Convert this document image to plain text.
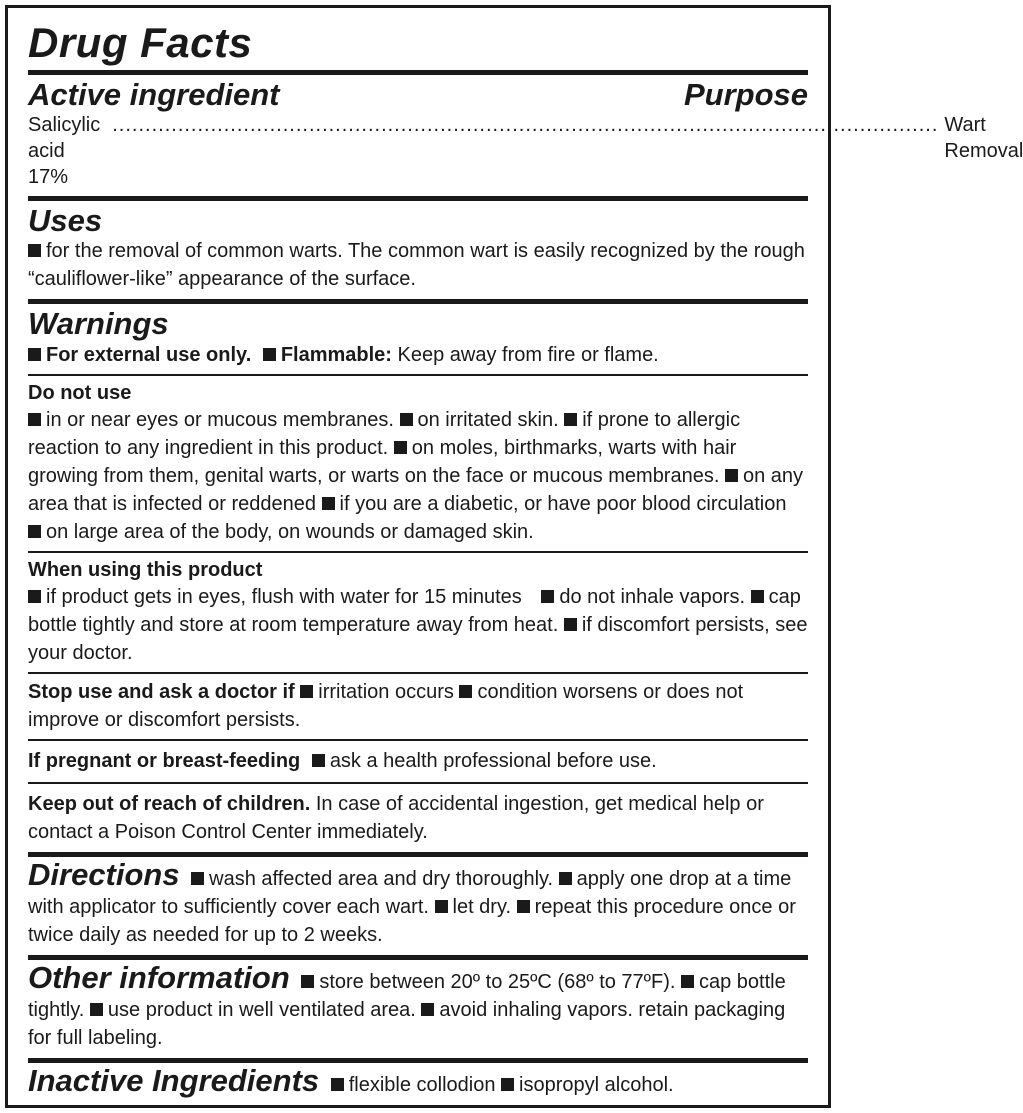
Drug Facts
Active ingredient	Purpose
Salicylic acid 17%
.............................................................................................................................. Wart Removal
Uses
for the removal of common warts. The common wart is easily recognized by the rough “cauliflower-like” appearance of the surface.
Warnings
For external use only. Flammable: Keep away from fire or flame.
Do not use
in or near eyes or mucous membranes. on irritated skin. if prone to allergic reaction to any ingredient in this product. on moles, birthmarks, warts with hair growing from them, genital warts, or warts on the face or mucous membranes. on any area that is infected or reddened if you are a diabetic, or have poor blood circulation on large area of the body, on wounds or damaged skin.
When using this product
if product gets in eyes, flush with water for 15 minutes do not inhale vapors. cap bottle tightly and store at room temperature away from heat. if discomfort persists, see your doctor.
Stop use and ask a doctor if irritation occurs condition worsens or does not improve or discomfort persists.
If pregnant or breast-feeding ask a health professional before use.
Keep out of reach of children. In case of accidental ingestion, get medical help or contact a Poison Control Center immediately.
Directions wash affected area and dry thoroughly. apply one drop at a time with applicator to sufficiently cover each wart. let dry. repeat this procedure once or twice daily as needed for up to 2 weeks.
Other information store between 20º to 25ºC (68º to 77ºF). cap bottle tightly. use product in well ventilated area. avoid inhaling vapors. retain packaging for full labeling.
Inactive Ingredients flexible collodion isopropyl alcohol.
